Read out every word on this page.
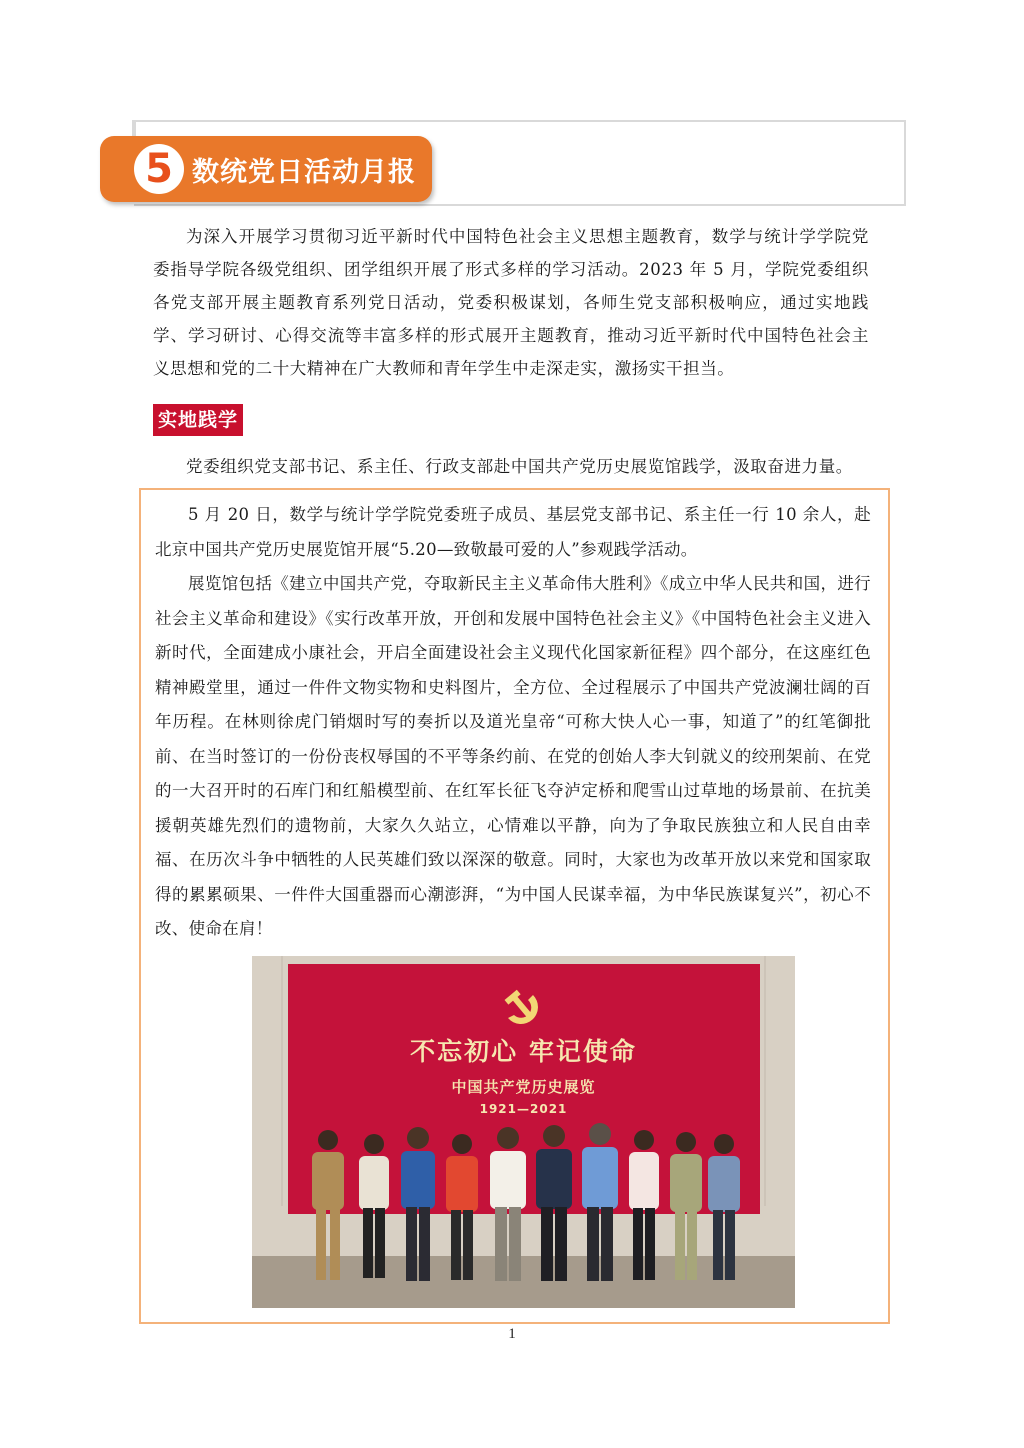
5 数统党日活动月报

为深入开展学习贯彻习近平新时代中国特色社会主义思想主题教育，数学与统计学学院党委指导学院各级党组织、团学组织开展了形式多样的学习活动。2023 年 5 月，学院党委组织各党支部开展主题教育系列党日活动，党委积极谋划，各师生党支部积极响应，通过实地践学、学习研讨、心得交流等丰富多样的形式展开主题教育，推动习近平新时代中国特色社会主义思想和党的二十大精神在广大教师和青年学生中走深走实，激扬实干担当。

实地践学

党委组织党支部书记、系主任、行政支部赴中国共产党历史展览馆践学，汲取奋进力量。

5 月 20 日，数学与统计学学院党委班子成员、基层党支部书记、系主任一行 10 余人，赴北京中国共产党历史展览馆开展“5.20—致敬最可爱的人”参观践学活动。

展览馆包括《建立中国共产党，夺取新民主主义革命伟大胜利》《成立中华人民共和国，进行社会主义革命和建设》《实行改革开放，开创和发展中国特色社会主义》《中国特色社会主义进入新时代，全面建成小康社会，开启全面建设社会主义现代化国家新征程》四个部分，在这座红色精神殿堂里，通过一件件文物实物和史料图片，全方位、全过程展示了中国共产党波澜壮阔的百年历程。在林则徐虎门销烟时写的奏折以及道光皇帝“可称大快人心一事，知道了”的红笔御批前、在当时签订的一份份丧权辱国的不平等条约前、在党的创始人李大钊就义的绞刑架前、在党的一大召开时的石库门和红船模型前、在红军长征飞夺泸定桥和爬雪山过草地的场景前、在抗美援朝英雄先烈们的遗物前，大家久久站立，心情难以平静，向为了争取民族独立和人民自由幸福、在历次斗争中牺牲的人民英雄们致以深深的敬意。同时，大家也为改革开放以来党和国家取得的累累硕果、一件件大国重器而心潮澎湃，“为中国人民谋幸福，为中华民族谋复兴”，初心不改、使命在肩！

不忘初心 牢记使命
中国共产党历史展览
1921—2021
1
